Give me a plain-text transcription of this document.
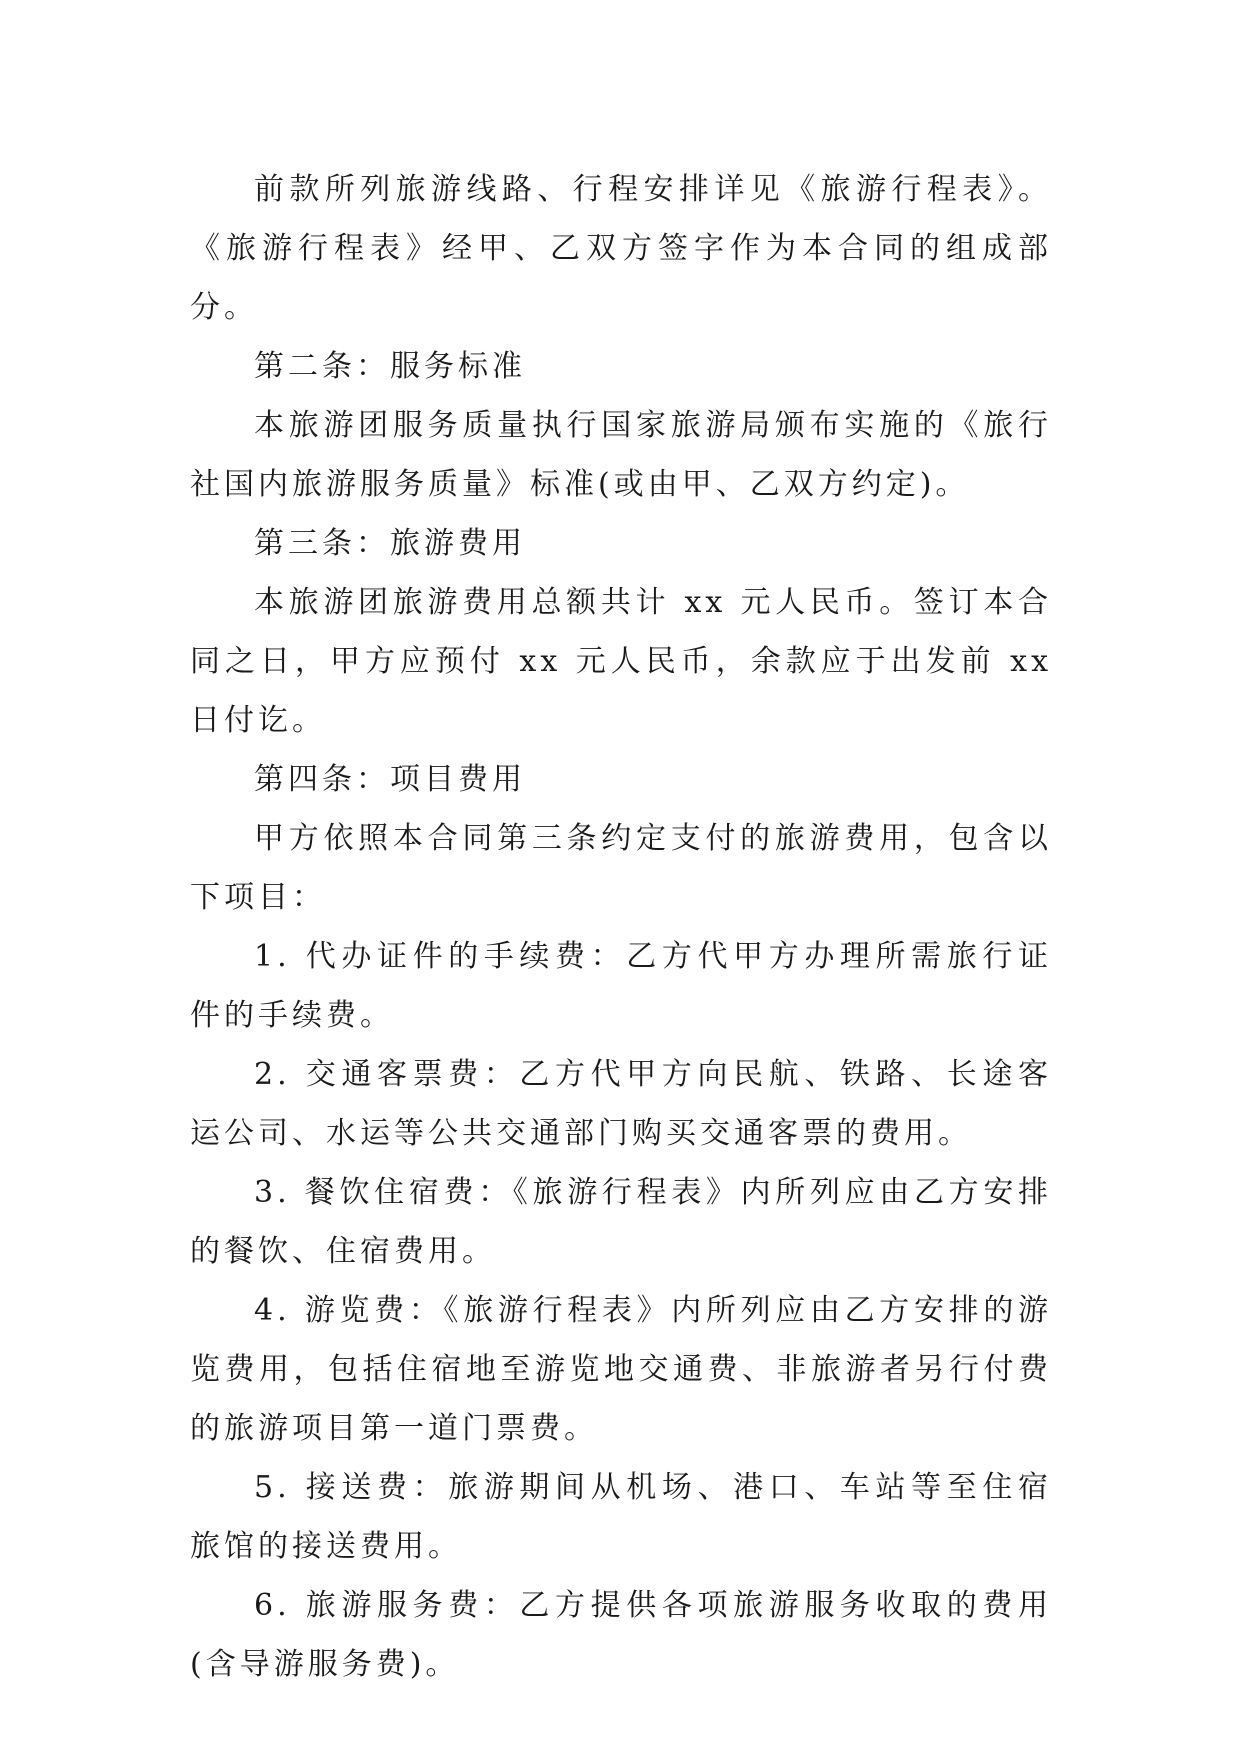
前款所列旅游线路、行程安排详见《旅游行程表》。《旅游行程表》经甲、乙双方签字作为本合同的组成部分。

第二条：服务标准

本旅游团服务质量执行国家旅游局颁布实施的《旅行社国内旅游服务质量》标准(或由甲、乙双方约定)。

第三条：旅游费用

本旅游团旅游费用总额共计 xx 元人民币。签订本合同之日，甲方应预付 xx 元人民币，余款应于出发前 xx 日付讫。

第四条：项目费用

甲方依照本合同第三条约定支付的旅游费用，包含以下项目：

1. 代办证件的手续费：乙方代甲方办理所需旅行证件的手续费。

2. 交通客票费：乙方代甲方向民航、铁路、长途客运公司、水运等公共交通部门购买交通客票的费用。

3. 餐饮住宿费：《旅游行程表》内所列应由乙方安排的餐饮、住宿费用。

4. 游览费：《旅游行程表》内所列应由乙方安排的游览费用，包括住宿地至游览地交通费、非旅游者另行付费的旅游项目第一道门票费。

5. 接送费：旅游期间从机场、港口、车站等至住宿旅馆的接送费用。

6. 旅游服务费：乙方提供各项旅游服务收取的费用(含导游服务费)。
